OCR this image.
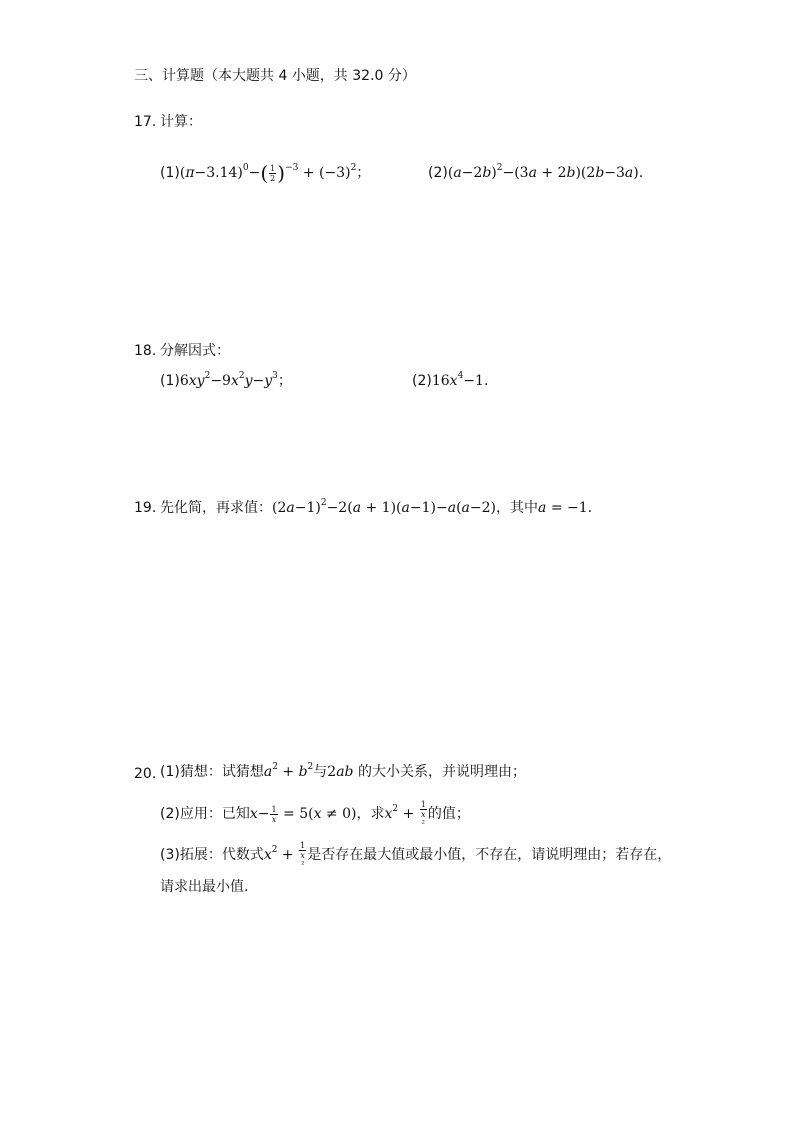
三、计算题（本大题共 4 小题，共 32.0 分）
17. 计算：
$(1)(\pi-3.14)^0-( \frac{1}{2} )^{-3} + (-3)^2$；	$(2)(a-2b)^2-(3a + 2b)(2b-3a)$.
18. 分解因式：
$(1)6xy^2-9x^2y-y^3$；	$(2)16x^4-1$.
19. 先化简，再求值：$(2a-1)^2-2(a + 1)(a-1)-a(a-2)$，其中a = −1.
20. (1)猜想：试猜想$a^2 + b^2$与2ab 的大小关系，并说明理由；
(2)应用：已知$x- \frac{1}{x} = 5(x \ne 0)$，求$x^2 + 1$
x
² 的值；
(3)拓展：代数式$x^2 + 1$
x
² 是否存在最大值或最小值，不存在，请说明理由；若存在，
请求出最小值.
